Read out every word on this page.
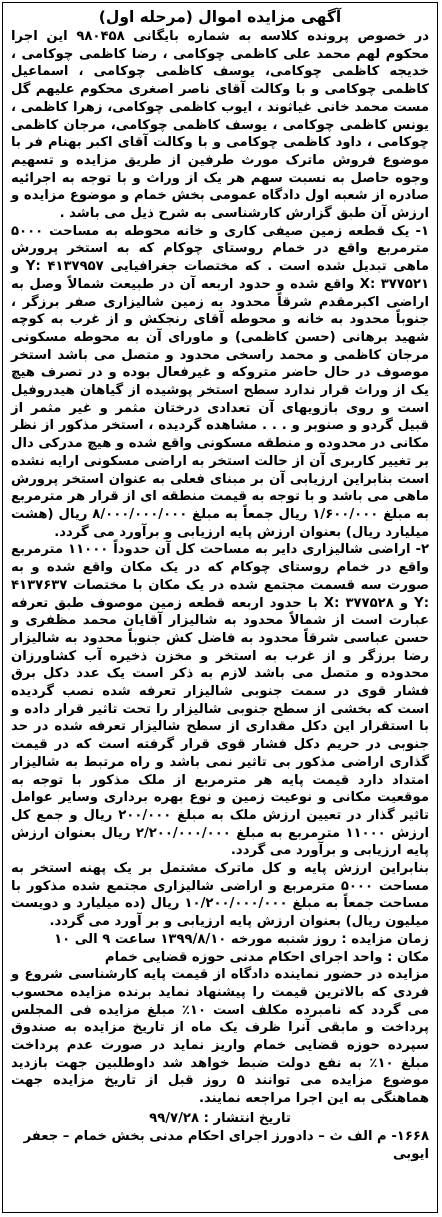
آگهی مزایده اموال (مرحله اول)

در خصوص پرونده کلاسه به شماره بایگانی ۹۸۰۴۵۸ این اجرا محکوم لهم محمد علی کاظمی چوکامی ، رضا کاظمی چوکامی ، خدیجه کاظمی چوکامی، یوسف کاظمی چوکامی ، اسماعیل کاظمی چوکامی و با وکالت آقای ناصر اصغری محکوم علیهم گل مست محمد خانی غیاثوند ، ایوب کاظمی چوکامی، زهرا کاظمی ، یونس کاظمی چوکامی ، یوسف کاظمی چوکامی، مرجان کاظمی چوکامی ، داود کاظمی چوکامی و با وکالت آقای اکبر بهنام فر با موضوع فروش ماترک مورث طرفین از طریق مزایده و تسهیم وجوه حاصل به نسبت سهم هر یک از وراث و با توجه به اجرائیه صادره از شعبه اول دادگاه عمومی بخش خمام و موضوع مزایده و ارزش آن طبق گزارش کارشناسی به شرح ذیل می باشد .

۱- یک قطعه زمین صیفی کاری و خانه محوطه به مساحت ۵۰۰۰ مترمربع واقع در خمام روستای چوکام که به استخر پرورش ماهی تبدیل شده است . که مختصات جغرافیایی ۴۱۳۷۹۵۷ :Y و ۳۷۷۵۲۱ :X واقع شده و حدود اربعه آن در طبیعت شمالاً وصل به اراضی اکبرمقدم شرقاً محدود به زمین شالیزاری صفر برزگر ، جنوباً محدود به خانه و محوطه آقای رنجکش و از غرب به کوچه شهید برهانی (حسن کاظمی) و ماورای آن به محوطه مسکونی مرجان کاظمی و محمد راسخی محدود و متصل می باشد استخر موصوف در حال حاضر متروکه و غیرفعال بوده و در تصرف هیچ یک از وراث قرار ندارد سطح استخر پوشیده از گیاهان هیدروفیل است و روی بازویهای آن تعدادی درختان مثمر و غیر مثمر از قبیل گردو و صنوبر و . . . مشاهده گردیده ، استخر مذکور از نظر مکانی در محدوده و منطقه مسکونی واقع شده و هیچ مدرکی دال بر تغییر کاربری آن از حالت استخر به اراضی مسکونی ارایه نشده است بنابراین ارزیابی آن بر مبنای فعلی به عنوان استخر پرورش ماهی می باشد و با توجه به قیمت منطقه ای از قرار هر مترمربع به مبلغ ۱/۶۰۰/۰۰۰ ریال جمعاً به مبلغ ۸/۰۰۰/۰۰۰/۰۰۰ ریال (هشت میلیارد ریال) بعنوان ارزش پایه ارزیابی و برآورد می گردد.

۲- اراضی شالیزاری دایر به مساحت کل آن حدوداً ۱۱۰۰۰ مترمربع واقع در خمام روستای چوکام که در یک مکان واقع شده و به صورت سه قسمت مجتمع شده در یک مکان با مختصات ۴۱۳۷۶۳۷ :Y و ۳۷۷۵۲۸ :X با حدود اربعه قطعه زمین موصوف طبق تعرفه عبارت است از شمالاً محدود به شالیزار آقایان محمد مظفری و حسن عباسی شرقاً محدود به فاضل کش جنوباً محدود به شالیزار رضا برزگر و از غرب به استخر و مخزن ذخیره آب کشاورزان محدوده و متصل می باشد لازم به ذکر است یک عدد دکل برق فشار قوی در سمت جنوبی شالیزار تعرفه شده نصب گردیده است که بخشی از سطح جنوبی شالیزار را تحت تاثیر قرار داده و با استقرار این دکل مقداری از سطح شالیزار تعرفه شده در حد جنوبی در حریم دکل فشار قوی قرار گرفته است که در قیمت گذاری اراضی مذکور بی تاثیر نمی باشد و راه مرتبط به شالیزار امتداد دارد قیمت پایه هر مترمربع از ملک مذکور با توجه به موقعیت مکانی و نوعیت زمین و نوع بهره برداری وسایر عوامل تاثیر گذار در تعیین ارزش ملک به مبلغ ۲۰۰/۰۰۰ ریال و جمع کل ارزش ۱۱۰۰۰ مترمربع به مبلغ ۲/۲۰۰/۰۰۰/۰۰۰ ریال بعنوان ارزش پایه ارزیابی و برآورد می گردد.

بنابراین ارزش پایه و کل ماترک مشتمل بر یک پهنه استخر به مساحت ۵۰۰۰ مترمربع و اراضی شالیزاری مجتمع شده مذکور با مساحت جمعاً به مبلغ ۱۰/۲۰۰/۰۰۰/۰۰۰ ریال (ده میلیارد و دویست میلیون ریال) بعنوان ارزش پایه ارزیابی و بر آورد می گردد.

زمان مزایده : روز شنبه مورخه ۱۳۹۹/۸/۱۰ ساعت ۹ الی ۱۰

مکان : واحد اجرای احکام مدنی حوزه قضایی خمام

مزایده در حضور نماینده دادگاه از قیمت پایه کارشناسی شروع و فردی که بالاترین قیمت را پیشنهاد نماید برنده مزایده محسوب می گردد که نامبرده مکلف است ۱۰٪ مبلغ مزایده فی المجلس پرداخت و مابقی آنرا ظرف یک ماه از تاریخ مزایده به صندوق سپرده حوزه قضایی خمام واریز نماید در صورت عدم پرداخت مبلغ ۱۰٪ به نفع دولت ضبط خواهد شد داوطلبین جهت بازدید موضوع مزایده می توانند ۵ روز قبل از تاریخ مزایده جهت هماهنگی به این اجرا مراجعه نمایند.

تاریخ انتشار : ۹۹/۷/۲۸

۱۶۶۸- م الف ث – دادورز اجرای احکام مدنی بخش خمام – جعفر ایوبی
